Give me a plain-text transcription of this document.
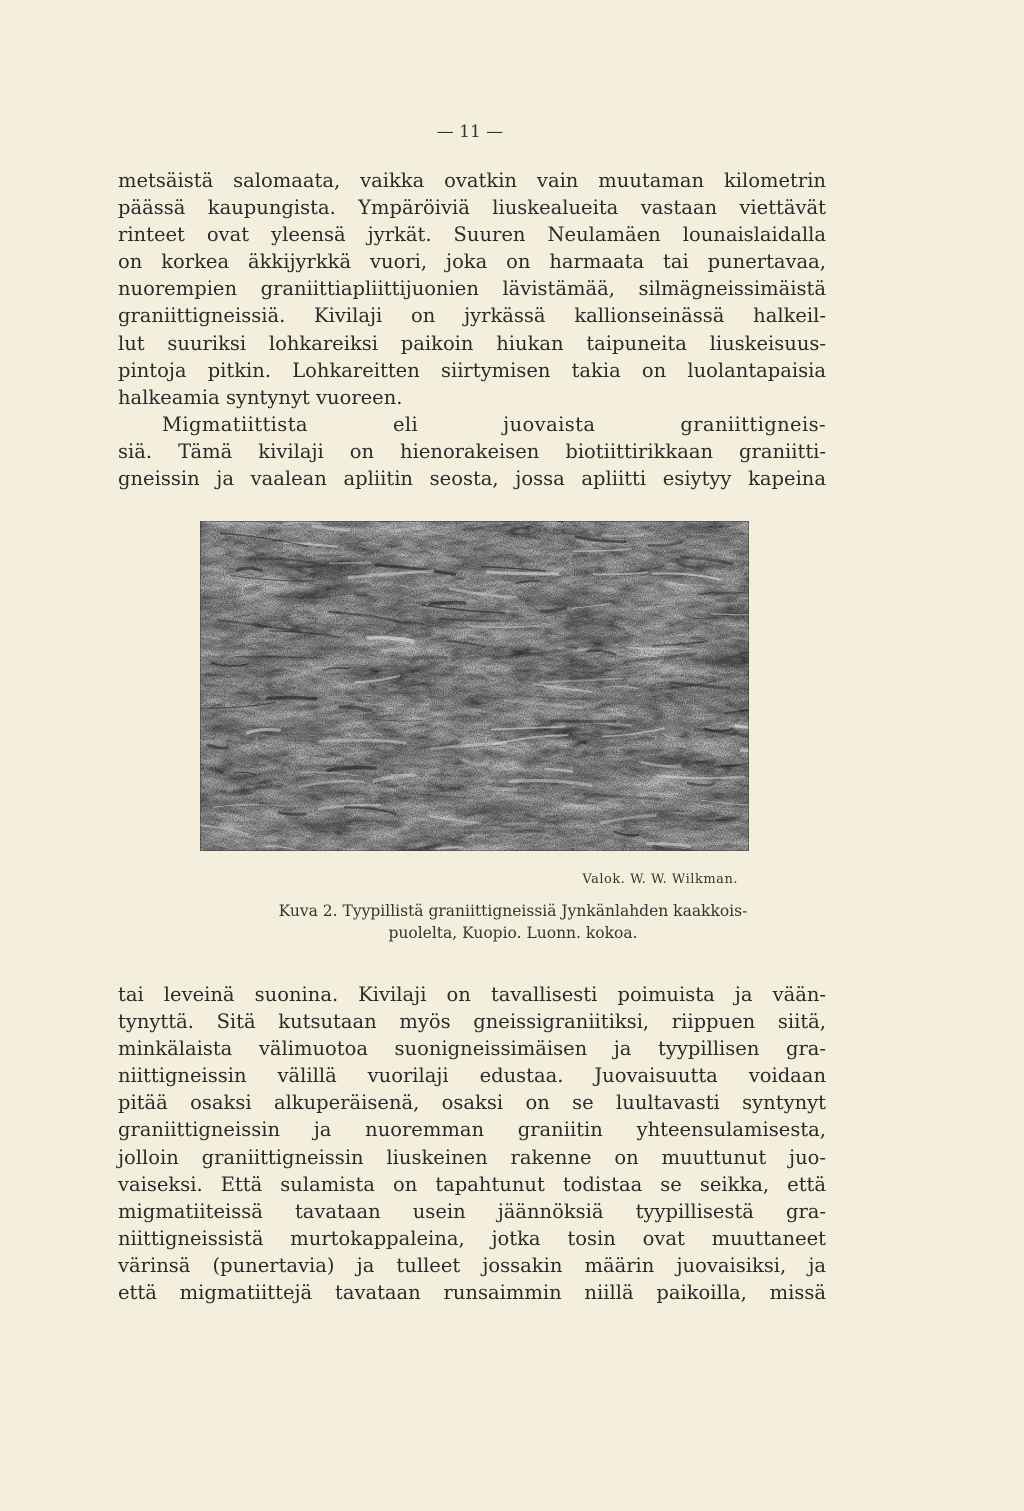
— 11 —
metsäistä salomaata, vaikka ovatkin vain muutaman kilometrin
päässä kaupungista. Ympäröiviä liuskealueita vastaan viettävät
rinteet ovat yleensä jyrkät. Suuren Neulamäen lounaislaidalla
on korkea äkkijyrkkä vuori, joka on harmaata tai punertavaa,
nuorempien graniittiapliittijuonien lävistämää, silmägneissimäistä
graniittigneissiä. Kivilaji on jyrkässä kallionseinässä halkeil-
lut suuriksi lohkareiksi paikoin hiukan taipuneita liuskeisuus-
pintoja pitkin. Lohkareitten siirtymisen takia on luolantapaisia
halkeamia syntynyt vuoreen.
Migmatiittista eli juovaista graniittigneis-
siä. Tämä kivilaji on hienorakeisen biotiittirikkaan graniitti-
gneissin ja vaalean apliitin seosta, jossa apliitti esiytyy kapeina
Valok. W. W. Wilkman.
Kuva 2. Tyypillistä graniittigneissiä Jynkänlahden kaakkois-
puolelta, Kuopio. Luonn. kokoa.
tai leveinä suonina. Kivilaji on tavallisesti poimuista ja vään-
tynyttä. Sitä kutsutaan myös gneissigraniitiksi, riippuen siitä,
minkälaista välimuotoa suonigneissimäisen ja tyypillisen gra-
niittigneissin välillä vuorilaji edustaa. Juovaisuutta voidaan
pitää osaksi alkuperäisenä, osaksi on se luultavasti syntynyt
graniittigneissin ja nuoremman graniitin yhteensulamisesta,
jolloin graniittigneissin liuskeinen rakenne on muuttunut juo-
vaiseksi. Että sulamista on tapahtunut todistaa se seikka, että
migmatiiteissä tavataan usein jäännöksiä tyypillisestä gra-
niittigneissistä murtokappaleina, jotka tosin ovat muuttaneet
värinsä (punertavia) ja tulleet jossakin määrin juovaisiksi, ja
että migmatiittejä tavataan runsaimmin niillä paikoilla, missä
